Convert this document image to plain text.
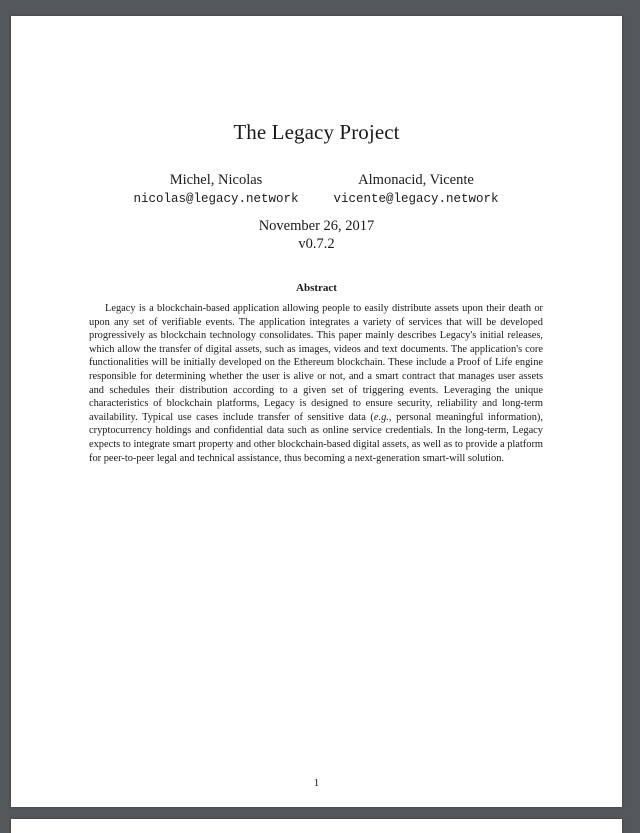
The Legacy Project
Michel, Nicolas
nicolas@legacy.network
Almonacid, Vicente
vicente@legacy.network
November 26, 2017
v0.7.2
Abstract

Legacy is a blockchain-based application allowing people to easily distribute assets upon their death or upon any set of verifiable events. The application integrates a variety of services that will be developed progressively as blockchain technology consolidates. This paper mainly describes Legacy's initial releases, which allow the transfer of digital assets, such as images, videos and text documents. The application's core functionalities will be initially developed on the Ethereum blockchain. These include a Proof of Life engine responsible for determining whether the user is alive or not, and a smart contract that manages user assets and schedules their distribution according to a given set of triggering events. Leveraging the unique characteristics of blockchain platforms, Legacy is designed to ensure security, reliability and long-term availability. Typical use cases include transfer of sensitive data (e.g., personal meaningful information), cryptocurrency holdings and confidential data such as online service credentials. In the long-term, Legacy expects to integrate smart property and other blockchain-based digital assets, as well as to provide a platform for peer-to-peer legal and technical assistance, thus becoming a next-generation smart-will solution.

1
